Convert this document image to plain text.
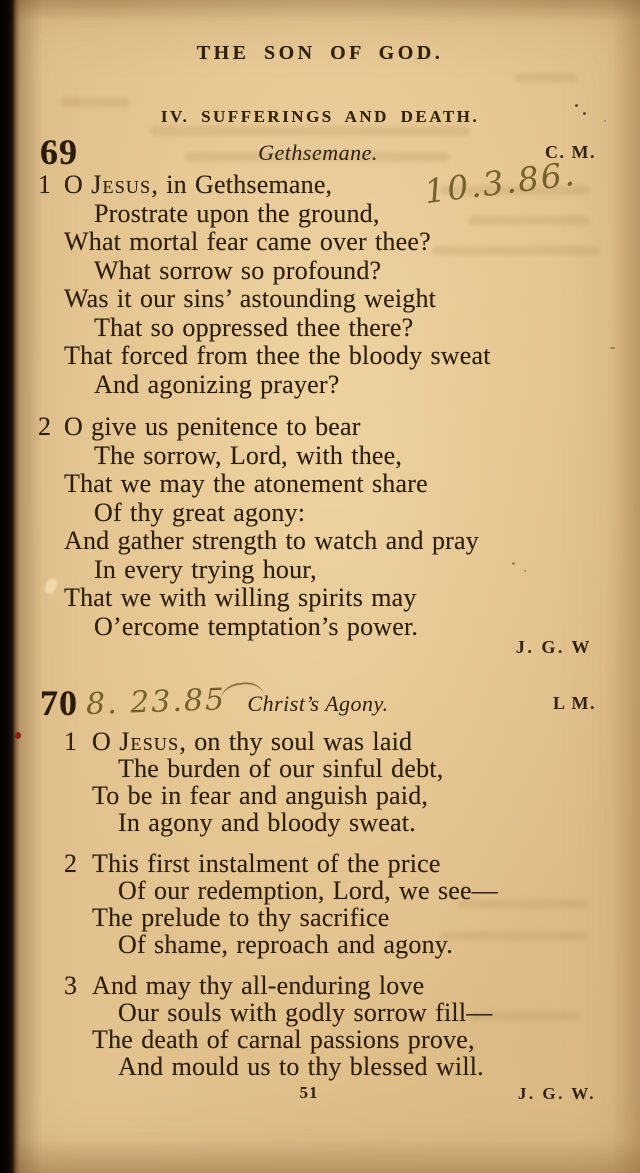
THE SON OF GOD.
IV. SUFFERINGS AND DEATH.
69	Gethsemane.	C. M.
10.3.86.
1 O Jesus, in Gethsemane,
Prostrate upon the ground,
What mortal fear came over thee?
What sorrow so profound?
Was it our sins’ astounding weight
That so oppressed thee there?
That forced from thee the bloody sweat
And agonizing prayer?
2 O give us penitence to bear
The sorrow, Lord, with thee,
That we may the atonement share
Of thy great agony:
And gather strength to watch and pray
In every trying hour,
That we with willing spirits may
O’ercome temptation’s power.
J. G. W
70	Christ’s Agony.	L M.
8. 23.85
1 O Jesus, on thy soul was laid
The burden of our sinful debt,
To be in fear and anguish paid,
In agony and bloody sweat.
2 This first instalment of the price
Of our redemption, Lord, we see—
The prelude to thy sacrifice
Of shame, reproach and agony.
3 And may thy all-enduring love
Our souls with godly sorrow fill—
The death of carnal passions prove,
And mould us to thy blessed will.
51	J. G. W.
